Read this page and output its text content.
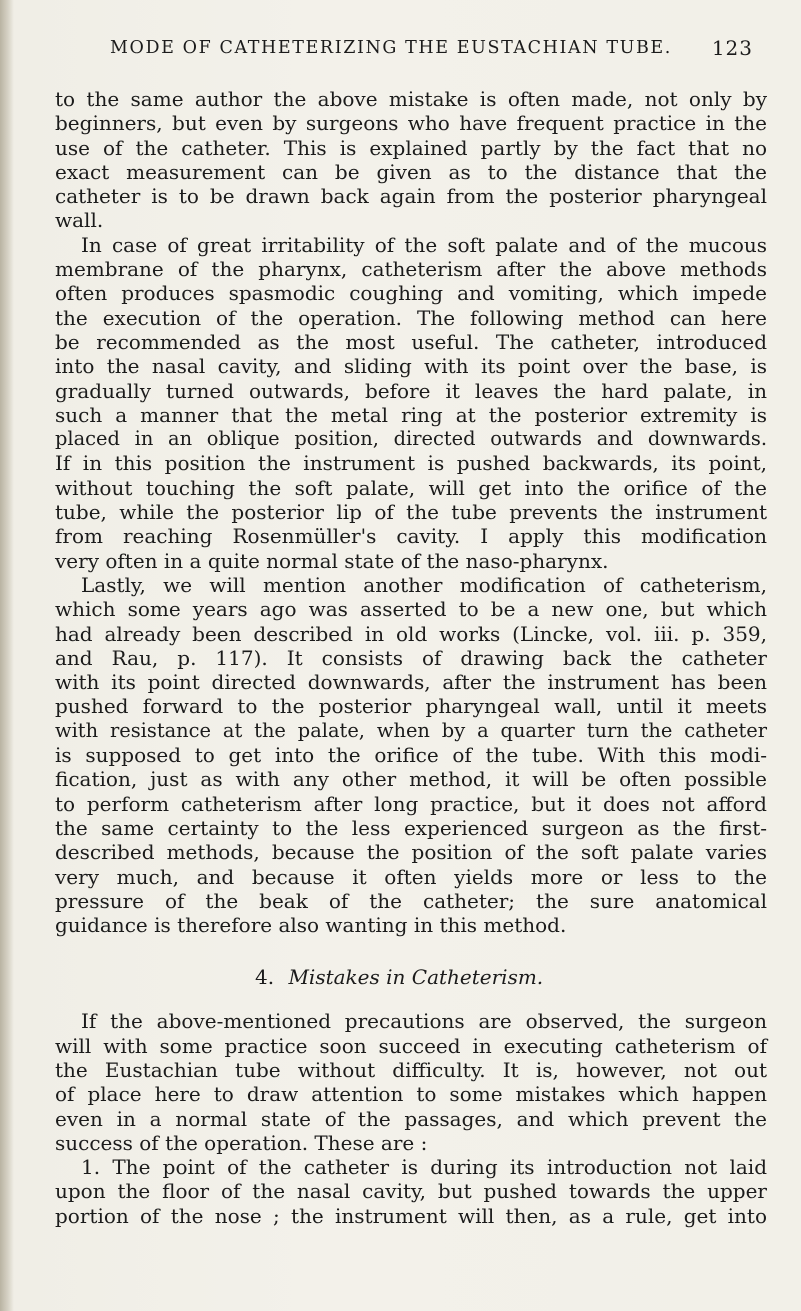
MODE OF CATHETERIZING THE EUSTACHIAN TUBE. 123
to the same author the above mistake is often made, not only by
beginners, but even by surgeons who have frequent practice in the
use of the catheter. This is explained partly by the fact that no
exact measurement can be given as to the distance that the
catheter is to be drawn back again from the posterior pharyngeal
wall.
In case of great irritability of the soft palate and of the mucous
membrane of the pharynx, catheterism after the above methods
often produces spasmodic coughing and vomiting, which impede
the execution of the operation. The following method can here
be recommended as the most useful. The catheter, introduced
into the nasal cavity, and sliding with its point over the base, is
gradually turned outwards, before it leaves the hard palate, in
such a manner that the metal ring at the posterior extremity is
placed in an oblique position, directed outwards and downwards.
If in this position the instrument is pushed backwards, its point,
without touching the soft palate, will get into the orifice of the
tube, while the posterior lip of the tube prevents the instrument
from reaching Rosenmüller's cavity. I apply this modification
very often in a quite normal state of the naso-pharynx.
Lastly, we will mention another modification of catheterism,
which some years ago was asserted to be a new one, but which
had already been described in old works (Lincke, vol. iii. p. 359,
and Rau, p. 117). It consists of drawing back the catheter
with its point directed downwards, after the instrument has been
pushed forward to the posterior pharyngeal wall, until it meets
with resistance at the palate, when by a quarter turn the catheter
is supposed to get into the orifice of the tube. With this modi-
fication, just as with any other method, it will be often possible
to perform catheterism after long practice, but it does not afford
the same certainty to the less experienced surgeon as the first-
described methods, because the position of the soft palate varies
very much, and because it often yields more or less to the
pressure of the beak of the catheter; the sure anatomical
guidance is therefore also wanting in this method.
4. Mistakes in Catheterism.
If the above-mentioned precautions are observed, the surgeon
will with some practice soon succeed in executing catheterism of
the Eustachian tube without difficulty. It is, however, not out
of place here to draw attention to some mistakes which happen
even in a normal state of the passages, and which prevent the
success of the operation. These are :
1. The point of the catheter is during its introduction not laid
upon the floor of the nasal cavity, but pushed towards the upper
portion of the nose ; the instrument will then, as a rule, get into
